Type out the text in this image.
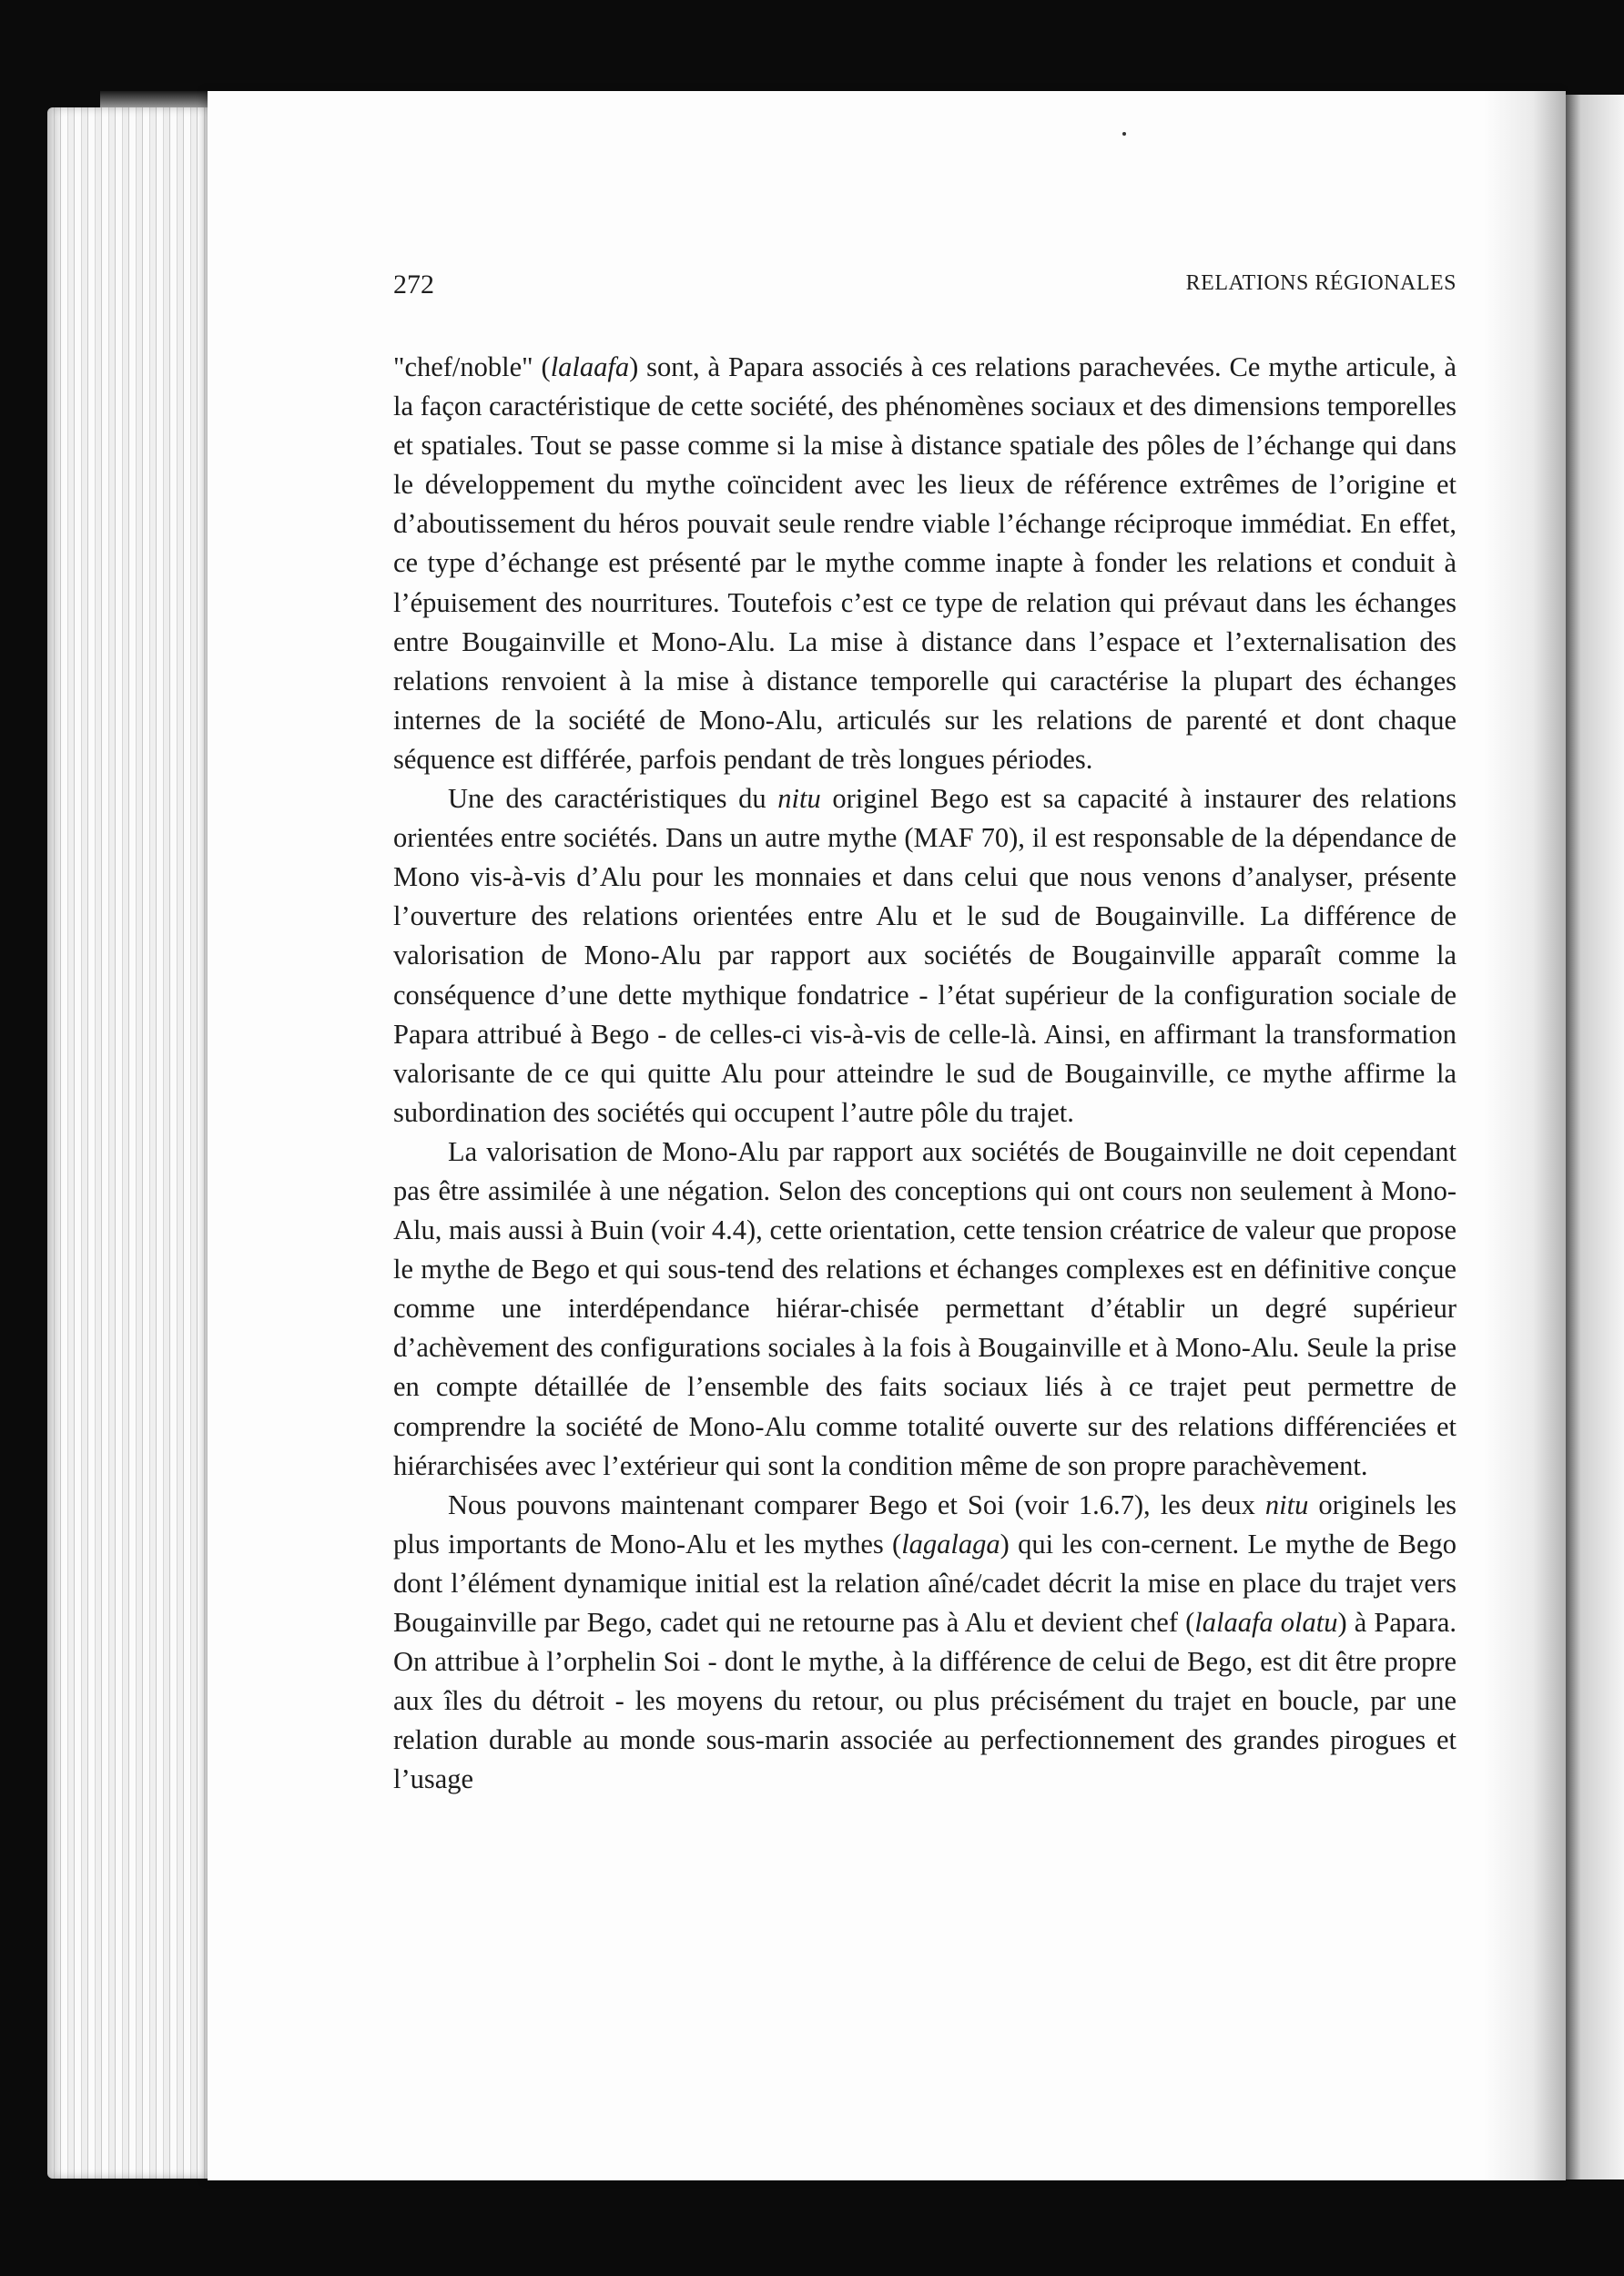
272	RELATIONS RÉGIONALES

"chef/noble" (lalaafa) sont, à Papara associés à ces relations parachevées. Ce mythe articule, à la façon caractéristique de cette société, des phénomènes sociaux et des dimensions temporelles et spatiales. Tout se passe comme si la mise à distance spatiale des pôles de l’échange qui dans le développement du mythe coïncident avec les lieux de référence extrêmes de l’origine et d’aboutissement du héros pouvait seule rendre viable l’échange réciproque immédiat. En effet, ce type d’échange est présenté par le mythe comme inapte à fonder les relations et conduit à l’épuisement des nourritures. Toutefois c’est ce type de relation qui prévaut dans les échanges entre Bougainville et Mono-Alu. La mise à distance dans l’espace et l’externalisation des relations renvoient à la mise à distance temporelle qui caractérise la plupart des échanges internes de la société de Mono-Alu, articulés sur les relations de parenté et dont chaque séquence est différée, parfois pendant de très longues périodes.

Une des caractéristiques du nitu originel Bego est sa capacité à instaurer des relations orientées entre sociétés. Dans un autre mythe (MAF 70), il est responsable de la dépendance de Mono vis-à-vis d’Alu pour les monnaies et dans celui que nous venons d’analyser, présente l’ouverture des relations orientées entre Alu et le sud de Bougainville. La différence de valorisation de Mono-Alu par rapport aux sociétés de Bougainville apparaît comme la conséquence d’une dette mythique fondatrice - l’état supérieur de la configuration sociale de Papara attribué à Bego - de celles-ci vis-à-vis de celle-là. Ainsi, en affirmant la transformation valorisante de ce qui quitte Alu pour atteindre le sud de Bougainville, ce mythe affirme la subordination des sociétés qui occupent l’autre pôle du trajet.

La valorisation de Mono-Alu par rapport aux sociétés de Bougainville ne doit cependant pas être assimilée à une négation. Selon des conceptions qui ont cours non seulement à Mono-Alu, mais aussi à Buin (voir 4.4), cette orientation, cette tension créatrice de valeur que propose le mythe de Bego et qui sous-tend des relations et échanges complexes est en définitive conçue comme une interdépendance hiérar-chisée permettant d’établir un degré supérieur d’achèvement des configurations sociales à la fois à Bougainville et à Mono-Alu. Seule la prise en compte détaillée de l’ensemble des faits sociaux liés à ce trajet peut permettre de comprendre la société de Mono-Alu comme totalité ouverte sur des relations différenciées et hiérarchisées avec l’extérieur qui sont la condition même de son propre parachèvement.

Nous pouvons maintenant comparer Bego et Soi (voir 1.6.7), les deux nitu originels les plus importants de Mono-Alu et les mythes (lagalaga) qui les con-cernent. Le mythe de Bego dont l’élément dynamique initial est la relation aîné/cadet décrit la mise en place du trajet vers Bougainville par Bego, cadet qui ne retourne pas à Alu et devient chef (lalaafa olatu) à Papara. On attribue à l’orphelin Soi - dont le mythe, à la différence de celui de Bego, est dit être propre aux îles du détroit - les moyens du retour, ou plus précisément du trajet en boucle, par une relation durable au monde sous-marin associée au perfectionnement des grandes pirogues et l’usage
